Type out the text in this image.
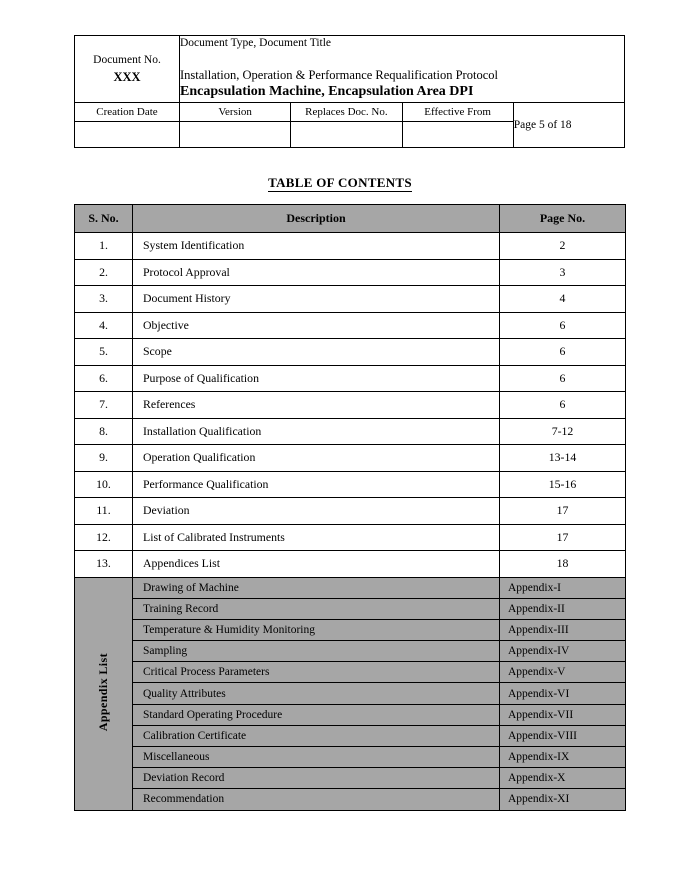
Document No.
XXX

Document Type, Document Title
Installation, Operation & Performance Requalification Protocol
Encapsulation Machine, Encapsulation Area DPI

Creation Date	Version	Replaces Doc. No.	Effective From	Page 5 of 18

TABLE OF CONTENTS
S. No.	Description	Page No.
1.	System Identification	2
2.	Protocol Approval	3
3.	Document History	4
4.	Objective	6
5.	Scope	6
6.	Purpose of Qualification	6
7.	References	6
8.	Installation Qualification	7-12
9.	Operation Qualification	13-14
10.	Performance Qualification	15-16
11.	Deviation	17
12.	List of Calibrated Instruments	17
13.	Appendices List	18
Appendix List	Drawing of Machine	Appendix-I
	Training Record	Appendix-II
	Temperature & Humidity Monitoring	Appendix-III
	Sampling	Appendix-IV
	Critical Process Parameters	Appendix-V
	Quality Attributes	Appendix-VI
	Standard Operating Procedure	Appendix-VII
	Calibration Certificate	Appendix-VIII
	Miscellaneous	Appendix-IX
	Deviation Record	Appendix-X
	Recommendation	Appendix-XI
